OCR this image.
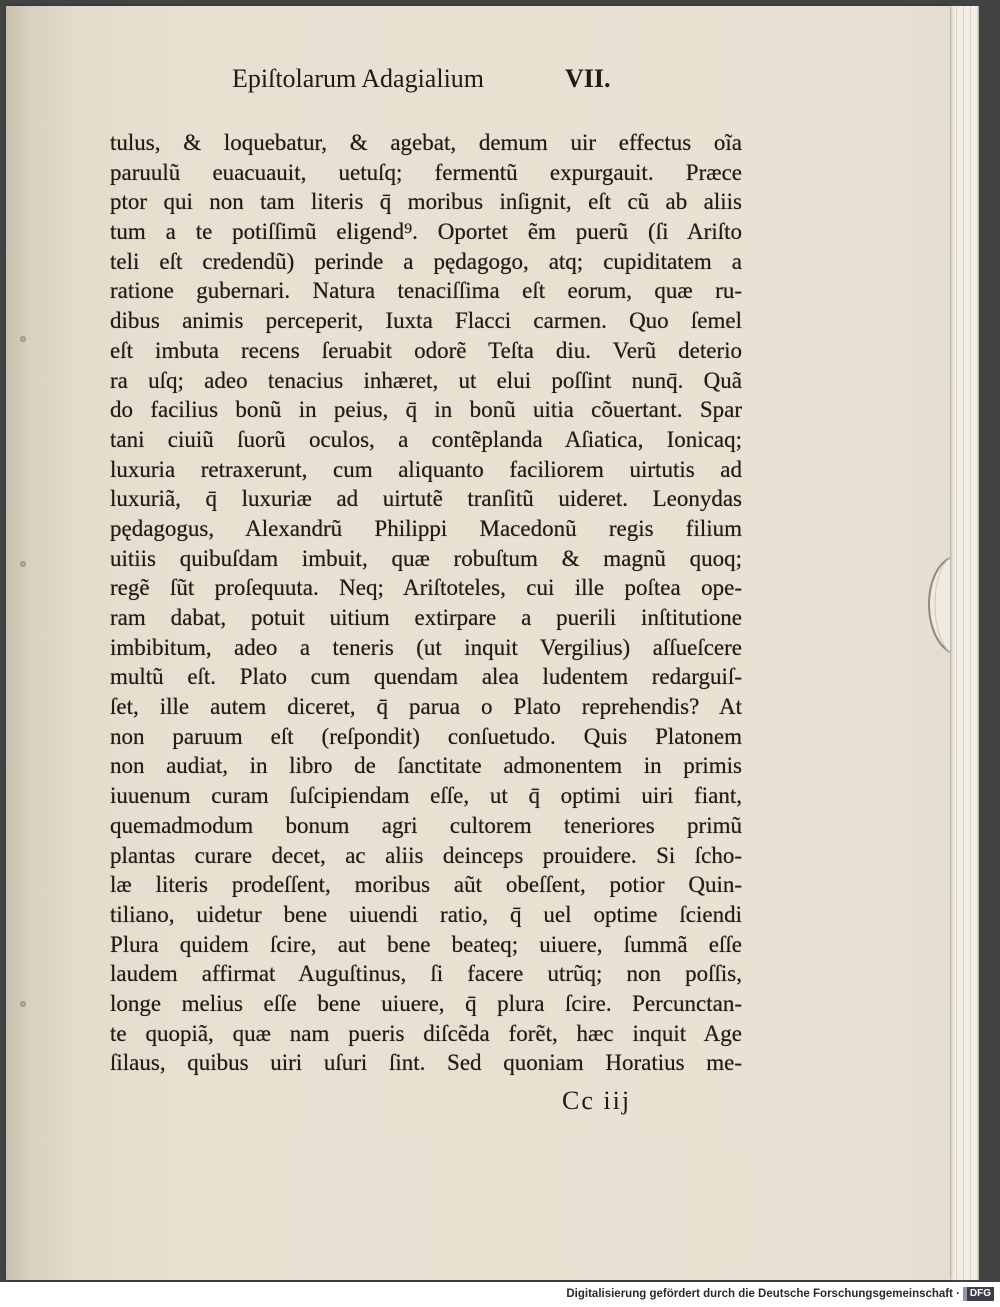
Epiſtolarum Adagialium	VII.
tulus, & loquebatur, & agebat, demum uir effectus oĩa
paruulũ euacuauit, uetuſq; fermentũ expurgauit. Præce
ptor qui non tam literis q̄ moribus inſignit, eſt cũ ab aliis
tum a te potiſſimũ eligend⁹. Oportet ẽm puerũ (ſi Ariſto
teli eſt credendũ) perinde a pędagogo, atq; cupiditatem a
ratione gubernari. Natura tenaciſſima eſt eorum, quæ ru-
dibus animis perceperit, Iuxta Flacci carmen. Quo ſemel
eſt imbuta recens ſeruabit odorẽ Teſta diu. Verũ deterio
ra uſq; adeo tenacius inhæret, ut elui poſſint nunq̄. Quã
do facilius bonũ in peius, q̄ in bonũ uitia cõuertant. Spar
tani ciuiũ ſuorũ oculos, a contẽplanda Aſiatica, Ionicaq;
luxuria retraxerunt, cum aliquanto faciliorem uirtutis ad
luxuriã, q̄ luxuriæ ad uirtutẽ tranſitũ uideret. Leonydas
pędagogus, Alexandrũ Philippi Macedonũ regis filium
uitiis quibuſdam imbuit, quæ robuſtum & magnũ quoq;
regẽ ſũt proſequuta. Neq; Ariſtoteles, cui ille poſtea ope-
ram dabat, potuit uitium extirpare a puerili inſtitutione
imbibitum, adeo a teneris (ut inquit Vergilius) aſſueſcere
multũ eſt. Plato cum quendam alea ludentem redarguiſ-
ſet, ille autem diceret, q̄ parua o Plato reprehendis? At
non paruum eſt (reſpondit) conſuetudo. Quis Platonem
non audiat, in libro de ſanctitate admonentem in primis
iuuenum curam ſuſcipiendam eſſe, ut q̄ optimi uiri fiant,
quemadmodum bonum agri cultorem teneriores primũ
plantas curare decet, ac aliis deinceps prouidere. Si ſcho-
læ literis prodeſſent, moribus aũt obeſſent, potior Quin-
tiliano, uidetur bene uiuendi ratio, q̄ uel optime ſciendi
Plura quidem ſcire, aut bene beateq; uiuere, ſummã eſſe
laudem affirmat Auguſtinus, ſi facere utrũq; non poſſis,
longe melius eſſe bene uiuere, q̄ plura ſcire. Percunctan-
te quopiã, quæ nam pueris diſcẽda forẽt, hæc inquit Age
ſilaus, quibus uiri uſuri ſint. Sed quoniam Horatius me-
Cc iij
Digitalisierung gefördert durch die Deutsche Forschungsgemeinschaft · DFG
